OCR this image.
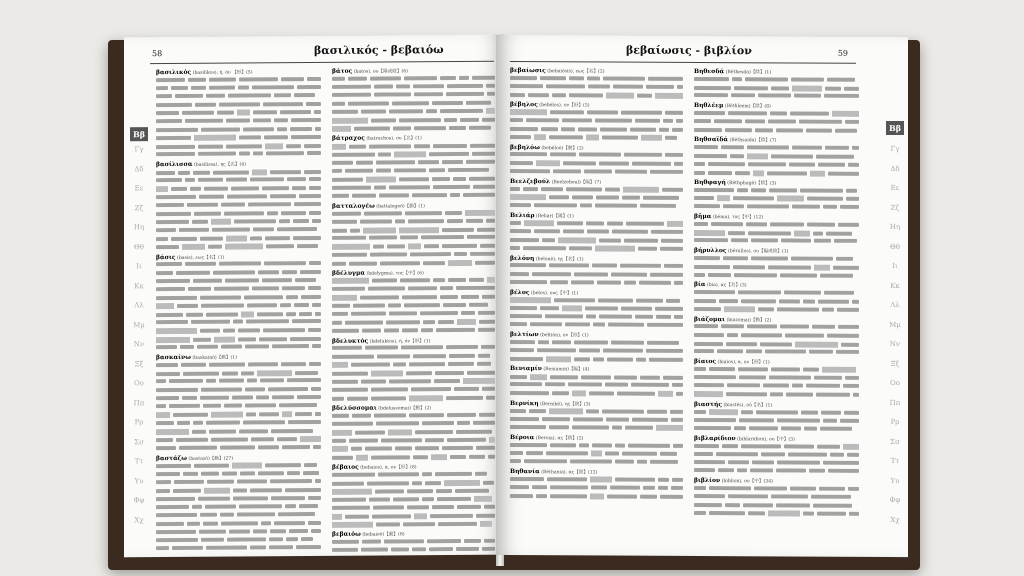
58	βασιλικός - βεβαιόω
Ββ
Γγ
Δδ
Εε
Ζζ
Ηη
Θθ
Ιι
Κκ
Λλ
Μμ
Νν
Ξξ
Οο
Ππ
Ρρ
Σσ
Ττ
Υυ
Φφ
Χχ
βασιλικός (basilikos), ή, όν 【形】(5)
βασίλισσα (basilissa), ης【名】(4)
βάσις (basis), εως【名】(1)
βασκαίνω (baskainō)【動】(1)
βαστάζω (bastazō)【動】(27)
βάτος (batos), ου【陽或陰】(6)
βάτραχος (batrachos), ου【名】(1)
βατταλογέω (battalogeō)【動】(1)
βδέλυγμα (bdelygma), τος【中】(6)
βδελυκτός (bdeluktos), ή, όν【形】(1)
βδελύσσομαι (bdelussomai)【動】(2)
βέβαιος (bebaios), α, ον【形】(8)
βεβαιόω (bebaioō)【動】(8)
59
βεβαίωσις - βιβλίον
Ββ
Γγ
Δδ
Εε
Ζζ
Ηη
Θθ
Ιι
Κκ
Λλ
Μμ
Νν
Ξξ
Οο
Ππ
Ρρ
Σσ
Ττ
Υυ
Φφ
Χχ
βεβαίωσις (bebaiōsis), εως【名】(2)
βέβηλος (bebēlos), ον【形】(5)
βεβηλόω (bebēloō)【動】(2)
Βεελζεβούλ (Beelzeboul)【陽】(7)
Βελιάρ (Beliar)【陽】(1)
βελόνη (belonē), ης【名】(1)
βέλος (belos), ους【中】(1)
βελτίων (beltiōn), ον【形】(1)
Βενιαμίν (Beniamin)【陽】(4)
Βερνίκη (Bernikē), ης【陰】(3)
Βέροια (Beroia), ας【陰】(2)
Βηθανία (Bēthania), ας【陰】(12)
Βηθεσδά (Bēthesda)【陰】(1)
Βηθλέεμ (Bēthleem)【陰】(8)
Βηθσαϊδά (Bēthsaida)【陰】(7)
Βηθφαγή (Bēthphagē)【陰】(3)
βῆμα (bēma), τος【中】(12)
βήρυλλος (bērullos), ου【陽或陰】(1)
βία (bia), ας【名】(3)
βιάζομαι (biazomai)【動】(2)
βίαιος (biaios), α, ον【形】(1)
βιαστής (biastēs), οῦ【名】(1)
βιβλαρίδιον (biblaridion), ου【中】(3)
βιβλίον (biblion), ου【中】(34)
